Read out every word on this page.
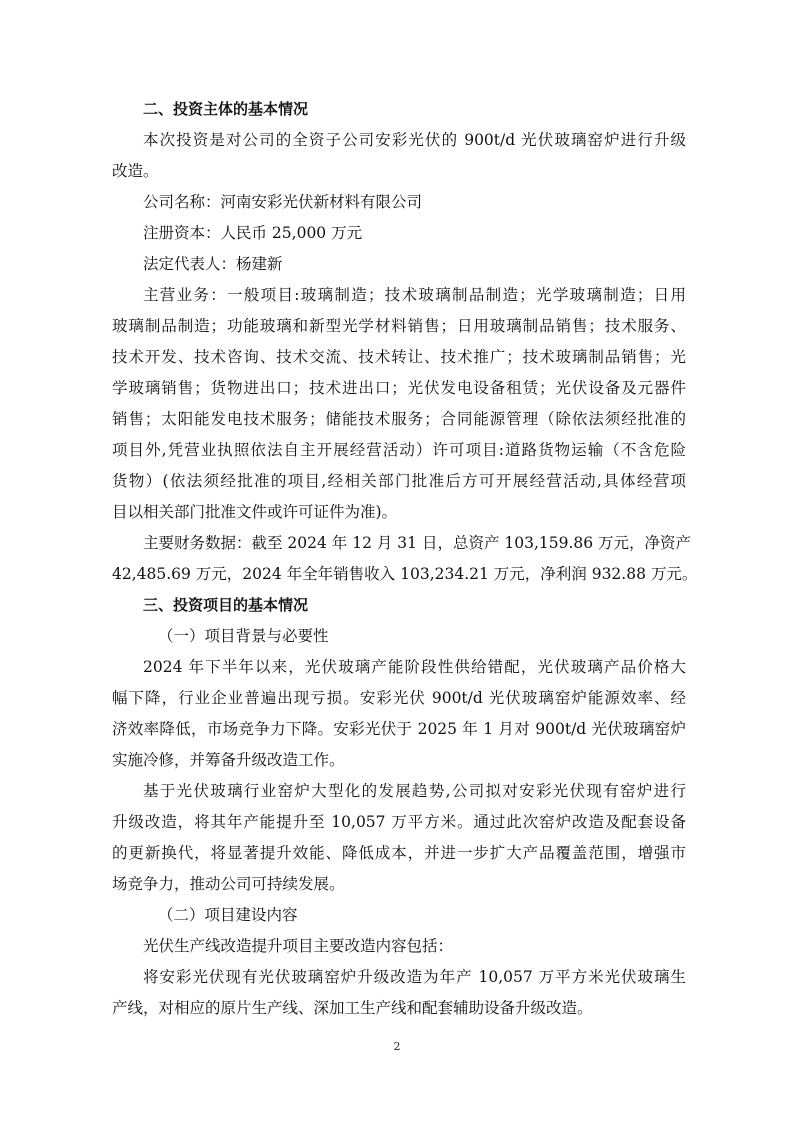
二、投资主体的基本情况
本次投资是对公司的全资子公司安彩光伏的 900t/d 光伏玻璃窑炉进行升级
改造。
公司名称：河南安彩光伏新材料有限公司
注册资本：人民币 25,000 万元
法定代表人：杨建新
主营业务：一般项目:玻璃制造；技术玻璃制品制造；光学玻璃制造；日用
玻璃制品制造；功能玻璃和新型光学材料销售；日用玻璃制品销售；技术服务、
技术开发、技术咨询、技术交流、技术转让、技术推广；技术玻璃制品销售；光
学玻璃销售；货物进出口；技术进出口；光伏发电设备租赁；光伏设备及元器件
销售；太阳能发电技术服务；储能技术服务；合同能源管理（除依法须经批准的
项目外,凭营业执照依法自主开展经营活动）许可项目:道路货物运输（不含危险
货物）(依法须经批准的项目,经相关部门批准后方可开展经营活动,具体经营项
目以相关部门批准文件或许可证件为准)。
主要财务数据：截至 2024 年 12 月 31 日，总资产 103,159.86 万元，净资产
42,485.69 万元，2024 年全年销售收入 103,234.21 万元，净利润 932.88 万元。
三、投资项目的基本情况
（一）项目背景与必要性
2024 年下半年以来，光伏玻璃产能阶段性供给错配，光伏玻璃产品价格大
幅下降，行业企业普遍出现亏损。安彩光伏 900t/d 光伏玻璃窑炉能源效率、经
济效率降低，市场竞争力下降。安彩光伏于 2025 年 1 月对 900t/d 光伏玻璃窑炉
实施冷修，并筹备升级改造工作。
基于光伏玻璃行业窑炉大型化的发展趋势,公司拟对安彩光伏现有窑炉进行
升级改造，将其年产能提升至 10,057 万平方米。通过此次窑炉改造及配套设备
的更新换代，将显著提升效能、降低成本，并进一步扩大产品覆盖范围，增强市
场竞争力，推动公司可持续发展。
（二）项目建设内容
光伏生产线改造提升项目主要改造内容包括：
将安彩光伏现有光伏玻璃窑炉升级改造为年产 10,057 万平方米光伏玻璃生
产线，对相应的原片生产线、深加工生产线和配套辅助设备升级改造。
2
